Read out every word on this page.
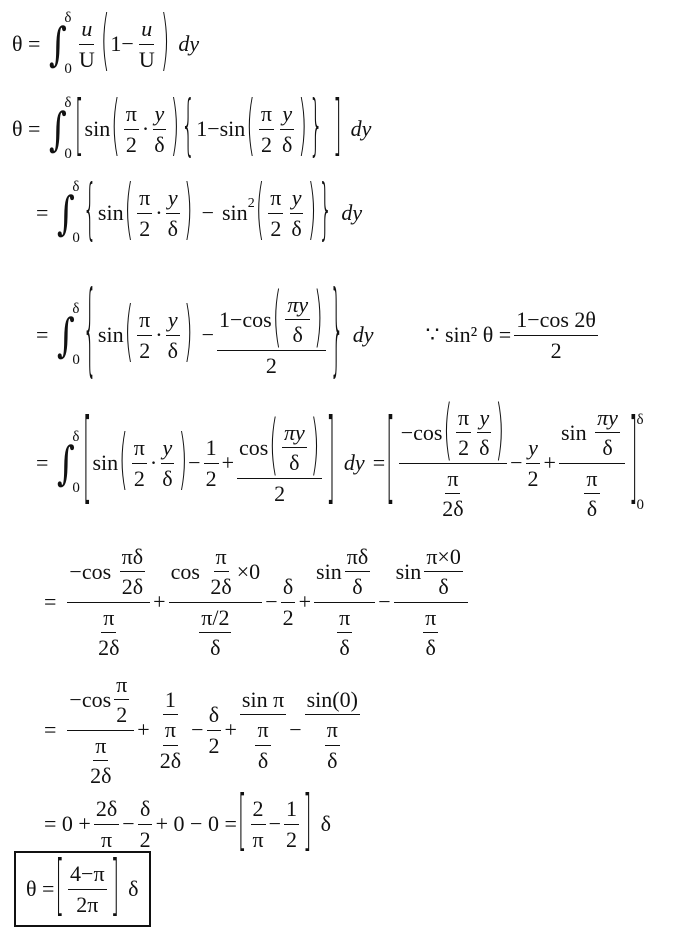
θ = ∫
δ
$0 \frac{u}{U}$ ( $1 - \frac{u}{U}$ ) dy
θ = ∫
δ
0 [ sin ( $\frac{\pi}{2} \cdot \frac{y}{\delta}$ ) { 1 − sin ( $\frac{\pi}{2} \frac{y}{\delta}$ ) } ] dy
= ∫
δ
0 { sin ( $\frac{\pi}{2} \cdot \frac{y}{\delta}$ ) − sin 2 ( $\frac{\pi}{2} \frac{y}{\delta}$ ) } dy
= ∫
δ
0 { sin ( $\frac{\pi}{2} \cdot \frac{y}{\delta}$ ) − $\frac{1-\cos ( \frac{\pi y}{\delta} )}{2}$ } dy ∵ sin² $\theta = \frac{1-\cos 2\theta}{2}$
= ∫
δ
0 [ sin ( $\frac{\pi}{2} \cdot \frac{y}{\delta}$ ) − $\frac{1}{2} + \frac{\cos ( \frac{\pi y}{\delta} )}{2}$ ] dy = [ $\frac{-\cos ( \frac{\pi}{2} \frac{y}{\delta} )}{\frac{\pi}{2\delta}} - \frac{y}{2} + \sin$
$\frac{\pi y}{\delta}$
$\frac{\pi}{\delta}$ ] δ
0
= −cos
$\frac{\pi\delta}{2\delta}$
$\frac{\pi}{2\delta} + \cos$
$\frac{\pi}{2\delta} \times 0$
$\frac{\pi/2}{\delta} - \frac{\delta}{2} + \frac{\sin \frac{\pi\delta}{\delta}}{\frac{\pi}{\delta}} - \frac{\sin \frac{\pi\times 0}{\delta}}{\frac{\pi}{\delta}}$
= $\frac{-\cos \frac{\pi}{2}}{\frac{\pi}{2\delta}} + \frac{1}{\frac{\pi}{2\delta}} - \frac{\delta}{2} + \frac{\text{sin π}}{\frac{\pi}{\delta}} - \frac{\sin(0)}{\frac{\pi}{\delta}}$
= $0 + \frac{2\delta}{\pi} - \frac{\delta}{2} + 0 - 0$ = [ $\frac{2}{\pi} - \frac{1}{2}$ ] δ
θ = [ $\frac{4-\pi}{2\pi}$ ] δ
